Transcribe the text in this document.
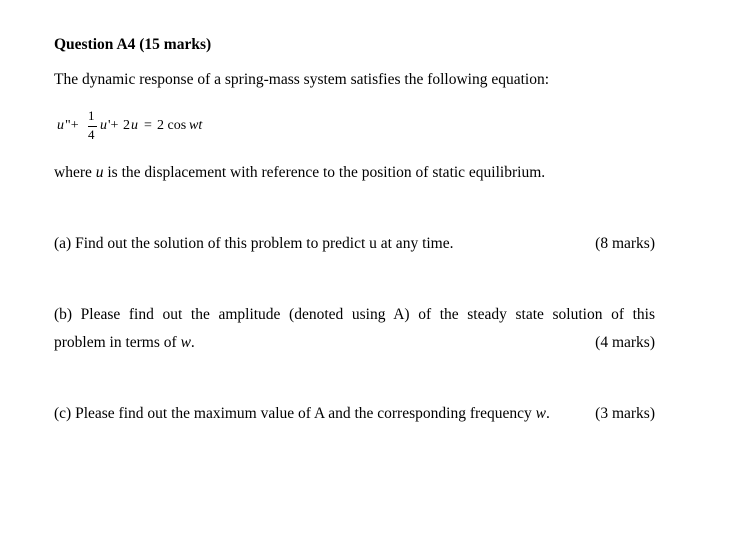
Question A4 (15 marks)
The dynamic response of a spring-mass system satisfies the following equation:
u "+
1
4
u '+ 2 u = 2 cos wt
where u is the displacement with reference to the position of static equilibrium.
(a) Find out the solution of this problem to predict u at any time.	(8 marks)
(b) Please find out the amplitude (denoted using A) of the steady state solution of this
problem in terms of w.	(4 marks)
(c) Please find out the maximum value of A and the corresponding frequency w.	(3 marks)
